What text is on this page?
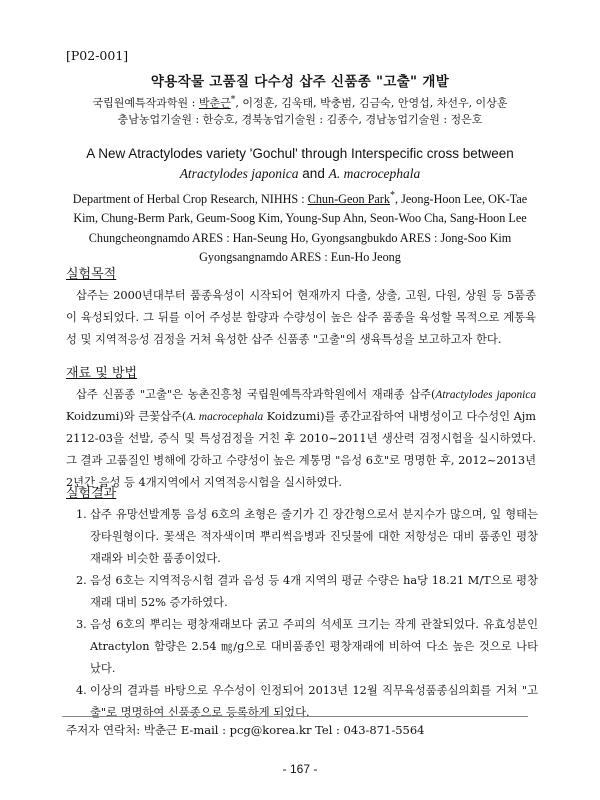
[P02-001]
약용작물 고품질 다수성 삽주 신품종 "고출" 개발
국립원예특작과학원 : 박춘근*, 이정훈, 김욱태, 박충범, 김금숙, 안영섭, 차선우, 이상훈
충남농업기술원 : 한승호, 경북농업기술원 : 김종수, 경남농업기술원 : 정은호
A New Atractylodes variety 'Gochul' through Interspecific cross between
Atractylodes japonica and A. macrocephala
Department of Herbal Crop Research, NIHHS : Chun-Geon Park*, Jeong-Hoon Lee, OK-Tae
Kim, Chung-Berm Park, Geum-Soog Kim, Young-Sup Ahn, Seon-Woo Cha, Sang-Hoon Lee
Chungcheongnamdo ARES : Han-Seung Ho, Gyongsangbukdo ARES : Jong-Soo Kim
Gyongsangnamdo ARES : Eun-Ho Jeong
실험목적
삽주는 2000년대부터 품종육성이 시작되어 현재까지 다출, 상출, 고원, 다원, 상원 등 5품종이 육성되었다. 그 뒤를 이어 주성분 함량과 수량성이 높은 삽주 품종을 육성할 목적으로 계통육성 및 지역적응성 검정을 거쳐 육성한 삽주 신품종 "고출"의 생육특성을 보고하고자 한다.
재료 및 방법
삽주 신품종 "고출"은 농촌진흥청 국립원예특작과학원에서 재래종 삽주(Atractylodes japonica Koidzumi)와 큰꽃삽주(A. macrocephala Koidzumi)를 종간교잡하여 내병성이고 다수성인 Ajm 2112-03을 선발, 증식 및 특성검정을 거친 후 2010~2011년 생산력 검정시험을 실시하였다. 그 결과 고품질인 병해에 강하고 수량성이 높은 계통명 "음성 6호"로 명명한 후, 2012~2013년 2년간 음성 등 4개지역에서 지역적응시험을 실시하였다.
실험결과
1. 삽주 유망선발계통 음성 6호의 초형은 줄기가 긴 장간형으로서 분지수가 많으며, 잎 형태는 장타원형이다. 꽃색은 적자색이며 뿌리썩음병과 진딧물에 대한 저항성은 대비 품종인 평창재래와 비슷한 품종이었다.
2. 음성 6호는 지역적응시험 결과 음성 등 4개 지역의 평균 수량은 ha당 18.21 M/T으로 평창재래 대비 52% 증가하였다.
3. 음성 6호의 뿌리는 평창재래보다 굵고 주피의 석세포 크기는 작게 관찰되었다. 유효성분인 Atractylon 함량은 2.54 ㎎/g으로 대비품종인 평창재래에 비하여 다소 높은 것으로 나타났다.
4. 이상의 결과를 바탕으로 우수성이 인정되어 2013년 12월 직무육성품종심의회를 거쳐 "고출"로 명명하여 신품종으로 등록하게 되었다.
주저자 연락처: 박춘근 E-mail : pcg@korea.kr Tel : 043-871-5564
- 167 -
